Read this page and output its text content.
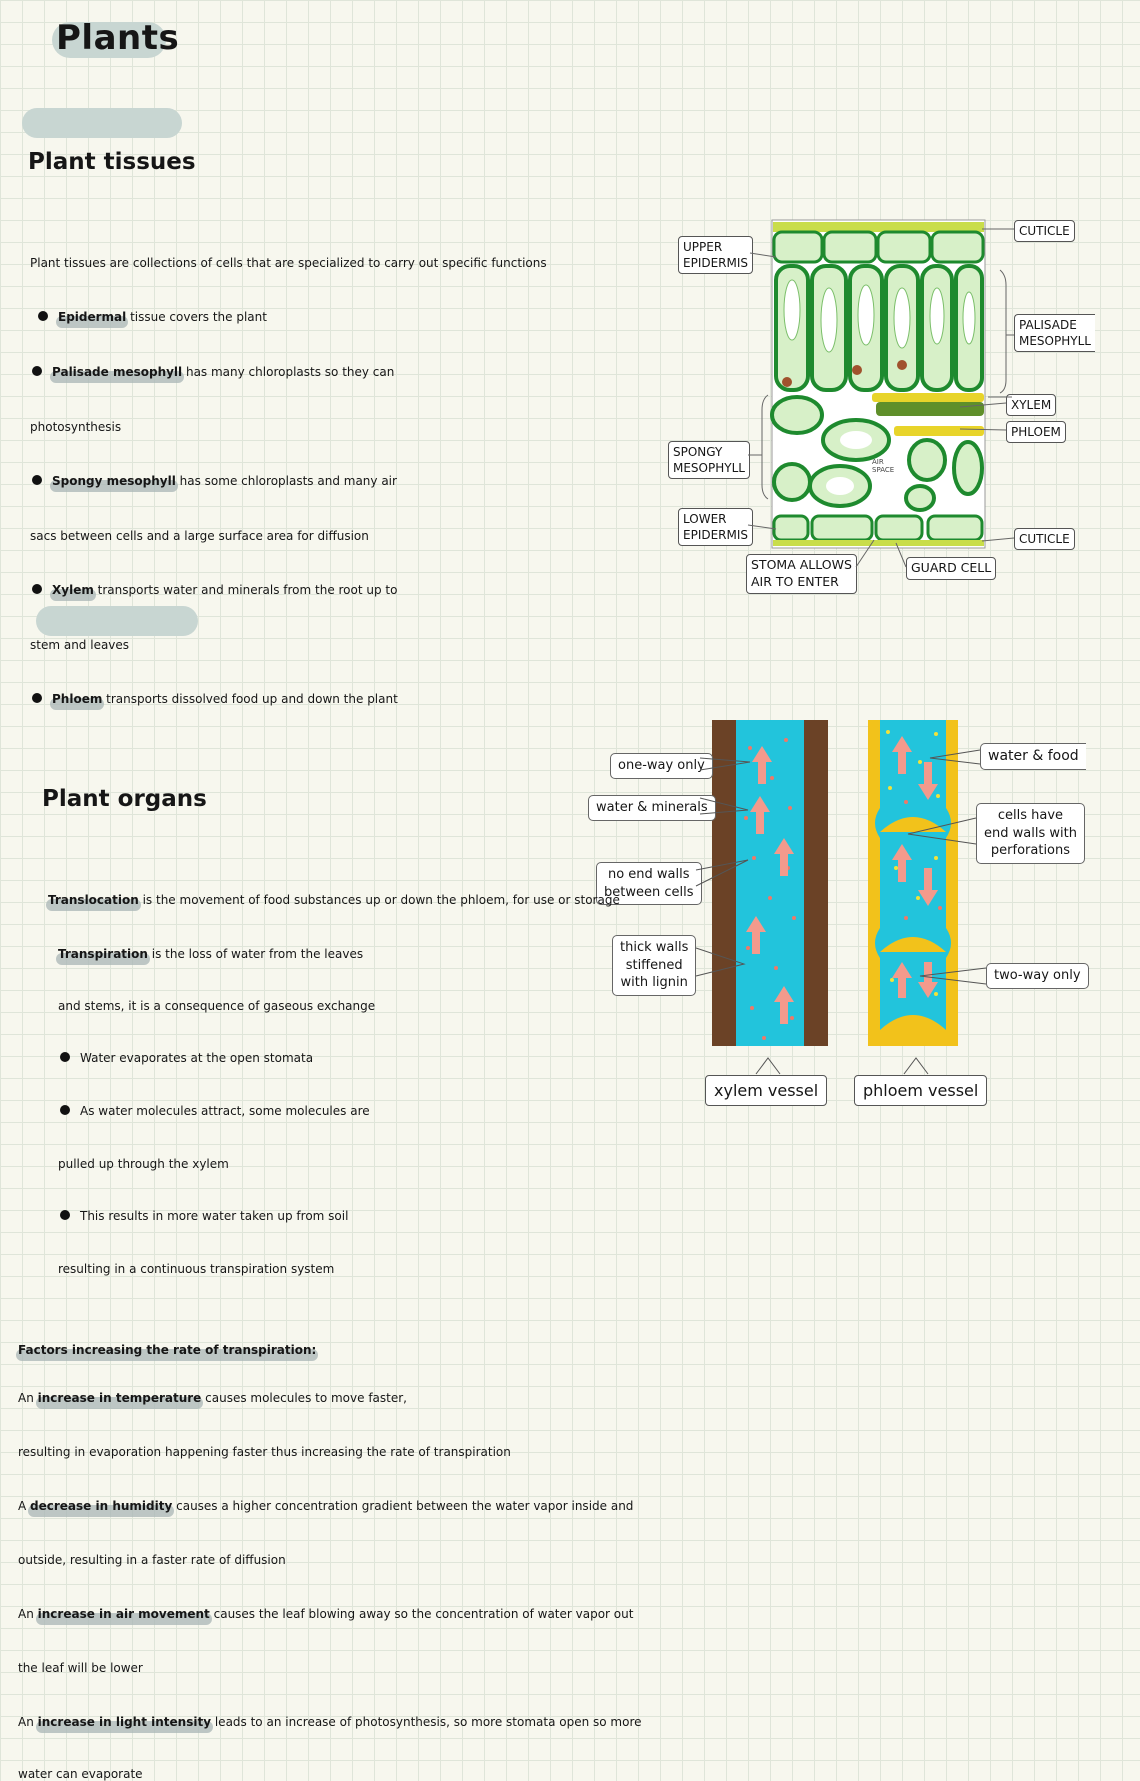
Plants
Plant tissues
Plant tissues are collections of cells that are specialized to carry out specific functions
Epidermal tissue covers the plant
Palisade mesophyll has many chloroplasts so they can
photosynthesis
Spongy mesophyll has some chloroplasts and many air
sacs between cells and a large surface area for diffusion
Xylem transports water and minerals from the root up to
stem and leaves
Phloem transports dissolved food up and down the plant
AIR
SPACE
UPPER
EPIDERMIS
CUTICLE
PALISADE
MESOPHYLL
XYLEM
PHLOEM
SPONGY
MESOPHYLL
LOWER
EPIDERMIS	CUTICLE
STOMA ALLOWS
AIR TO ENTER
GUARD CELL
Plant organs
Translocation is the movement of food substances up or down the phloem, for use or storage
Transpiration is the loss of water from the leaves
and stems, it is a consequence of gaseous exchange
Water evaporates at the open stomata
As water molecules attract, some molecules are
pulled up through the xylem
This results in more water taken up from soil
resulting in a continuous transpiration system
one-way only
water & minerals
no end walls
between cells
thick walls
stiffened
with lignin
water & food
cells have
end walls with
perforations
two-way only
xylem vessel	phloem vessel
Factors increasing the rate of transpiration:
An increase in temperature causes molecules to move faster,
resulting in evaporation happening faster thus increasing the rate of transpiration
A decrease in humidity causes a higher concentration gradient between the water vapor inside and
outside, resulting in a faster rate of diffusion
An increase in air movement causes the leaf blowing away so the concentration of water vapor out
the leaf will be lower
An increase in light intensity leads to an increase of photosynthesis, so more stomata open so more
water can evaporate
